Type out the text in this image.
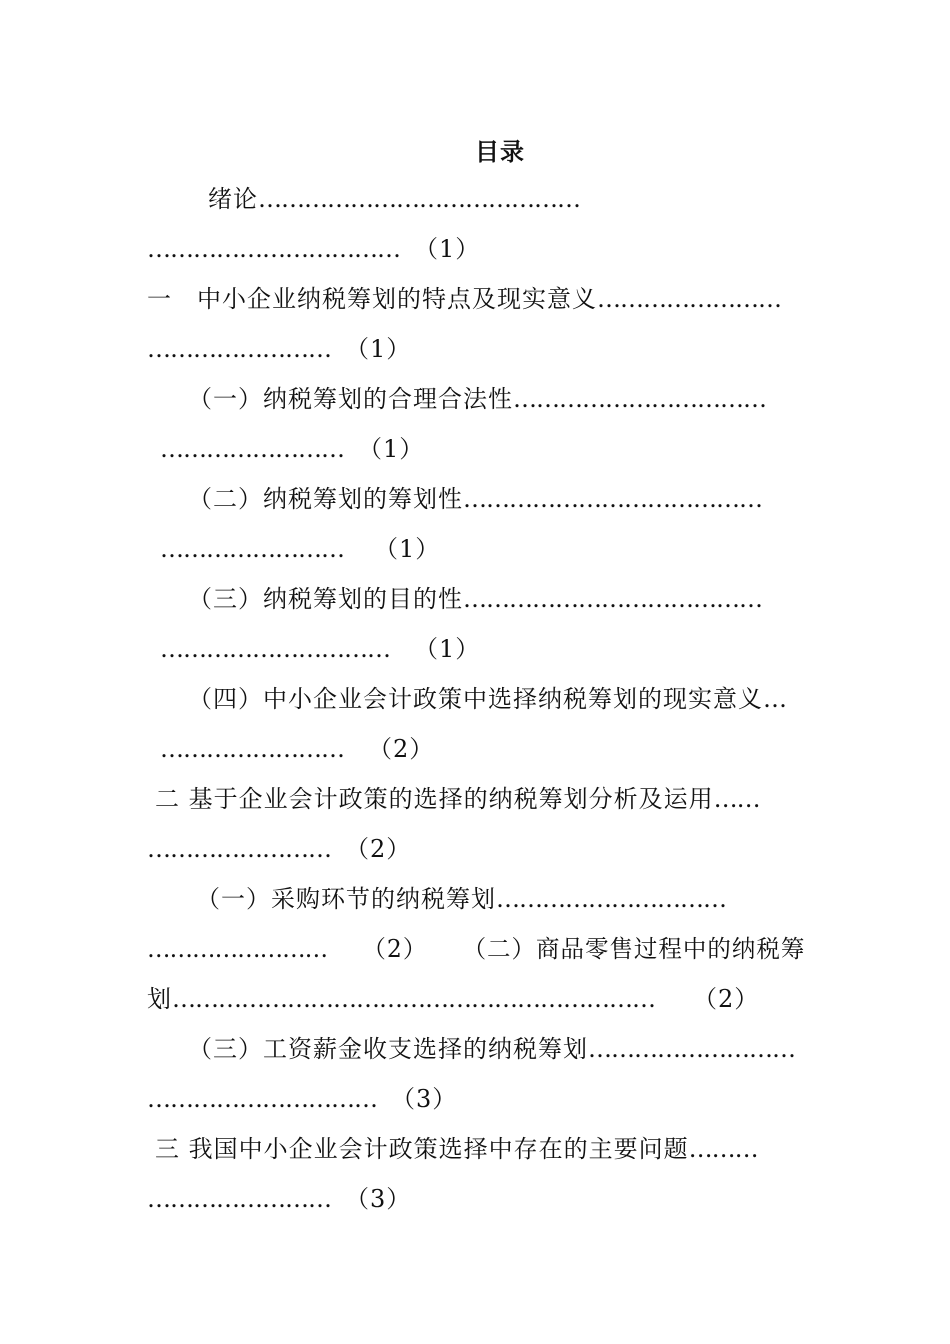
目录
绪论……………………………………
…………………………… （1）
一　中小企业纳税筹划的特点及现实意义……………………
…………………… （1）
（一）纳税筹划的合理合法性……………………………
…………………… （1）
（二）纳税筹划的筹划性…………………………………
…………………… （1）
（三）纳税筹划的目的性…………………………………
………………………… （1）
（四）中小企业会计政策中选择纳税筹划的现实意义…
…………………… （2）
二 基于企业会计政策的选择的纳税筹划分析及运用……
…………………… （2）
（一）采购环节的纳税筹划…………………………
…………………… （2） （二）商品零售过程中的纳税筹
划……………………………………………………… （2）
（三）工资薪金收支选择的纳税筹划………………………
………………………… （3）
三 我国中小企业会计政策选择中存在的主要问题………
…………………… （3）
